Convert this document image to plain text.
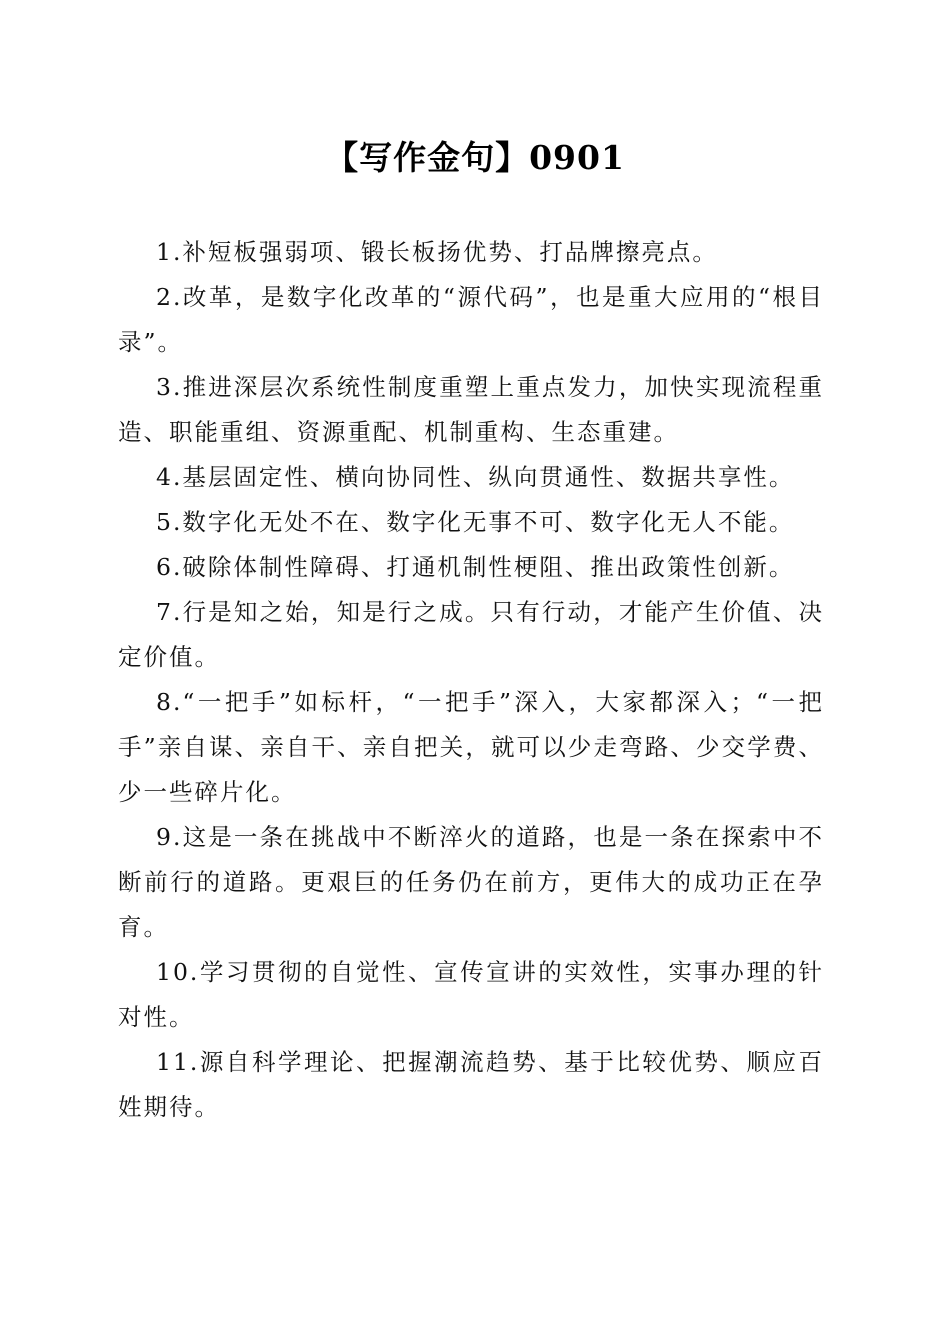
【写作金句】0901

1.补短板强弱项、锻长板扬优势、打品牌擦亮点。

2.改革，是数字化改革的“源代码”，也是重大应用的“根目录”。

3.推进深层次系统性制度重塑上重点发力，加快实现流程重造、职能重组、资源重配、机制重构、生态重建。

4.基层固定性、横向协同性、纵向贯通性、数据共享性。

5.数字化无处不在、数字化无事不可、数字化无人不能。

6.破除体制性障碍、打通机制性梗阻、推出政策性创新。

7.行是知之始，知是行之成。只有行动，才能产生价值、决定价值。

8.“一把手”如标杆，“一把手”深入，大家都深入；“一把手”亲自谋、亲自干、亲自把关，就可以少走弯路、少交学费、少一些碎片化。

9.这是一条在挑战中不断淬火的道路，也是一条在探索中不断前行的道路。更艰巨的任务仍在前方，更伟大的成功正在孕育。

10.学习贯彻的自觉性、宣传宣讲的实效性，实事办理的针对性。

11.源自科学理论、把握潮流趋势、基于比较优势、顺应百姓期待。
